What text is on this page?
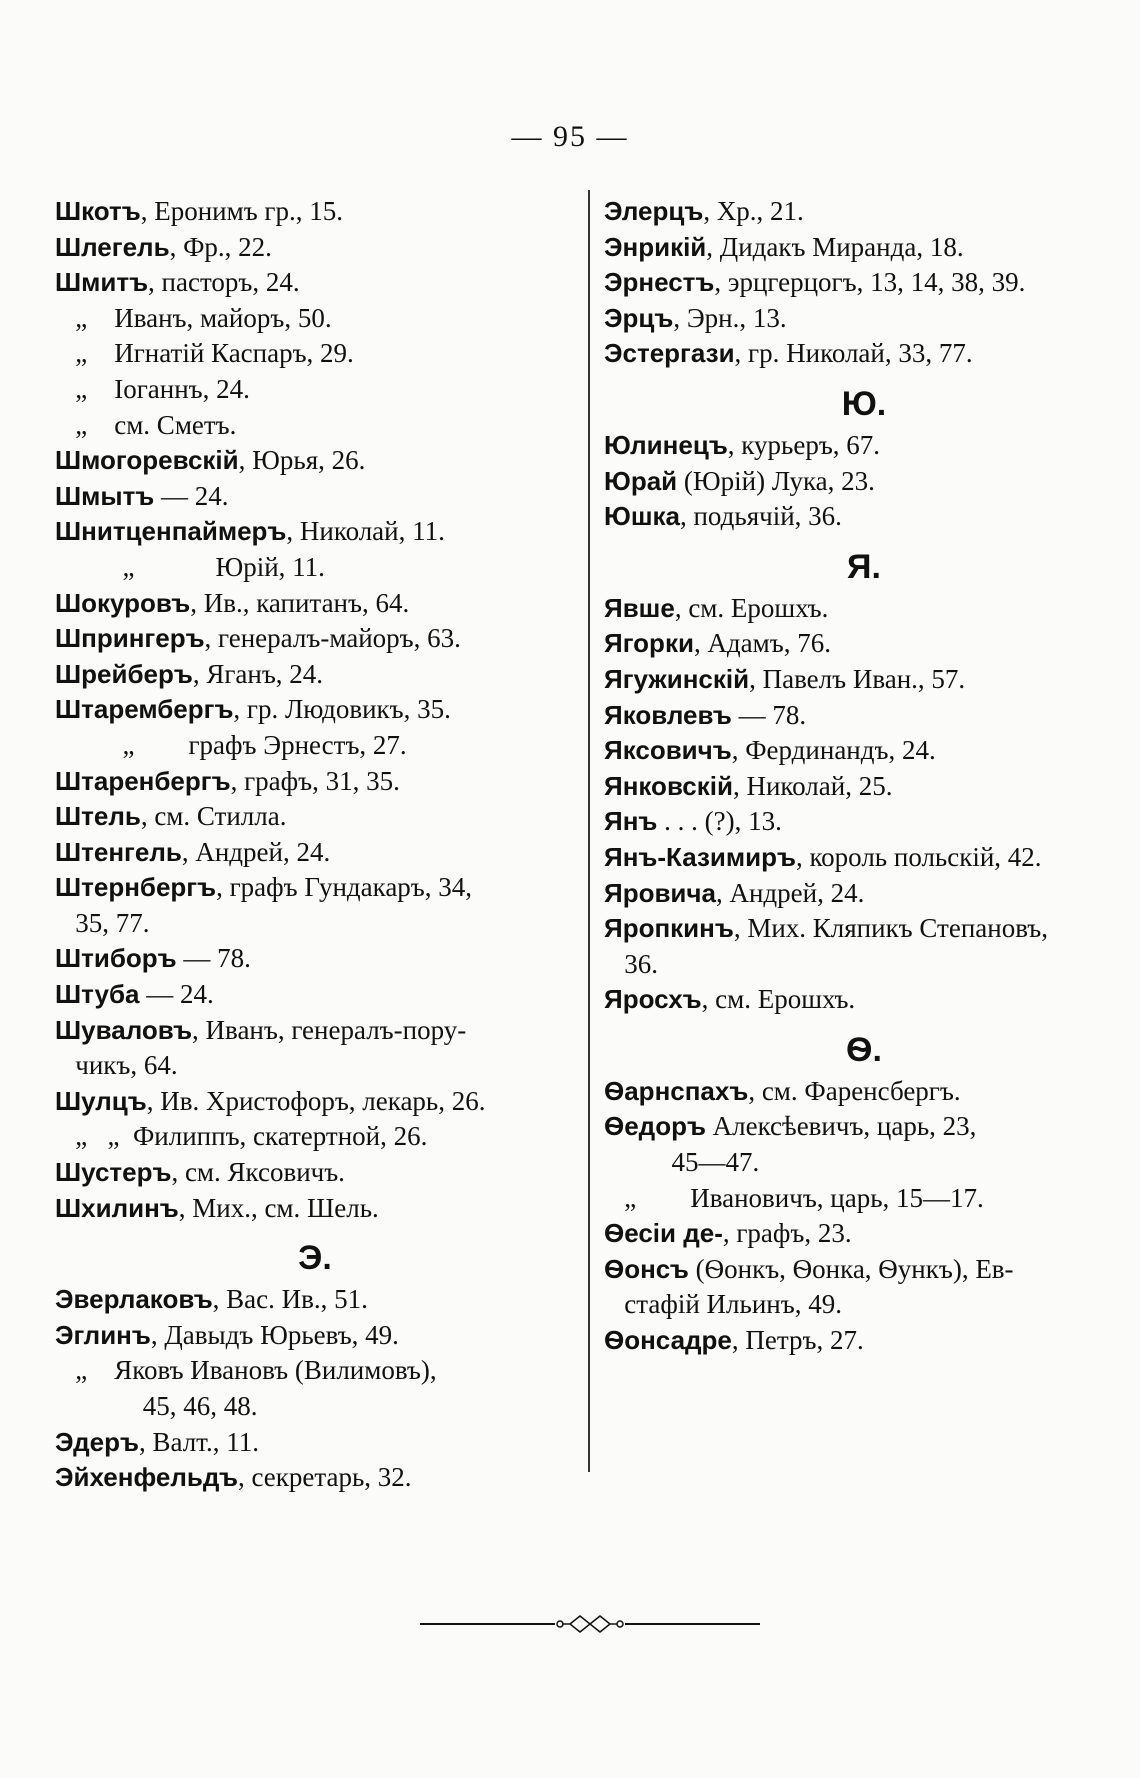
— 95 —
Шкотъ, Еронимъ гр., 15.
Шлегель, Фр., 22.
Шмитъ, пасторъ, 24.
„    Иванъ, майоръ, 50.
„    Игнатій Каспаръ, 29.
„    Іоганнъ, 24.
„    см. Сметъ.
Шмогоревскій, Юрья, 26.
Шмытъ — 24.
Шнитценпаймеръ, Николай, 11.
„            Юрій, 11.
Шокуровъ, Ив., капитанъ, 64.
Шпрингеръ, генералъ-майоръ, 63.
Шрейберъ, Яганъ, 24.
Штарембергъ, гр. Людовикъ, 35.
„        графъ Эрнестъ, 27.
Штаренбергъ, графъ, 31, 35.
Штель, см. Стилла.
Штенгель, Андрей, 24.
Штернбергъ, графъ Гундакаръ, 34,
35, 77.
Штиборъ — 78.
Штуба — 24.
Шуваловъ, Иванъ, генералъ-пору-
чикъ, 64.
Шулцъ, Ив. Христофоръ, лекарь, 26.
„   „  Филиппъ, скатертной, 26.
Шустеръ, см. Яксовичъ.
Шхилинъ, Мих., см. Шель.
Э.
Эверлаковъ, Вас. Ив., 51.
Эглинъ, Давыдъ Юрьевъ, 49.
„    Яковъ Ивановъ (Вилимовъ),
45, 46, 48.
Эдеръ, Валт., 11.
Эйхенфельдъ, секретарь, 32.
Элерцъ, Хр., 21.
Энрикій, Дидакъ Миранда, 18.
Эрнестъ, эрцгерцогъ, 13, 14, 38, 39.
Эрцъ, Эрн., 13.
Эстергази, гр. Николай, 33, 77.
Ю.
Юлинецъ, курьеръ, 67.
Юрай (Юрій) Лука, 23.
Юшка, подьячій, 36.
Я.
Явше, см. Ерошхъ.
Ягорки, Адамъ, 76.
Ягужинскій, Павелъ Иван., 57.
Яковлевъ — 78.
Яксовичъ, Фердинандъ, 24.
Янковскій, Николай, 25.
Янъ . . . (?), 13.
Янъ-Казимиръ, король польскій, 42.
Яровича, Андрей, 24.
Яропкинъ, Мих. Кляпикъ Степановъ,
36.
Яросхъ, см. Ерошхъ.
Ѳ.
Ѳарнспахъ, см. Фаренсбергъ.
Ѳедоръ Алексѣевичъ, царь, 23,
45—47.
„        Ивановичъ, царь, 15—17.
Ѳесіи де-, графъ, 23.
Ѳонсъ (Ѳонкъ, Ѳонка, Ѳункъ), Ев-
стафій Ильинъ, 49.
Ѳонсадре, Петръ, 27.
